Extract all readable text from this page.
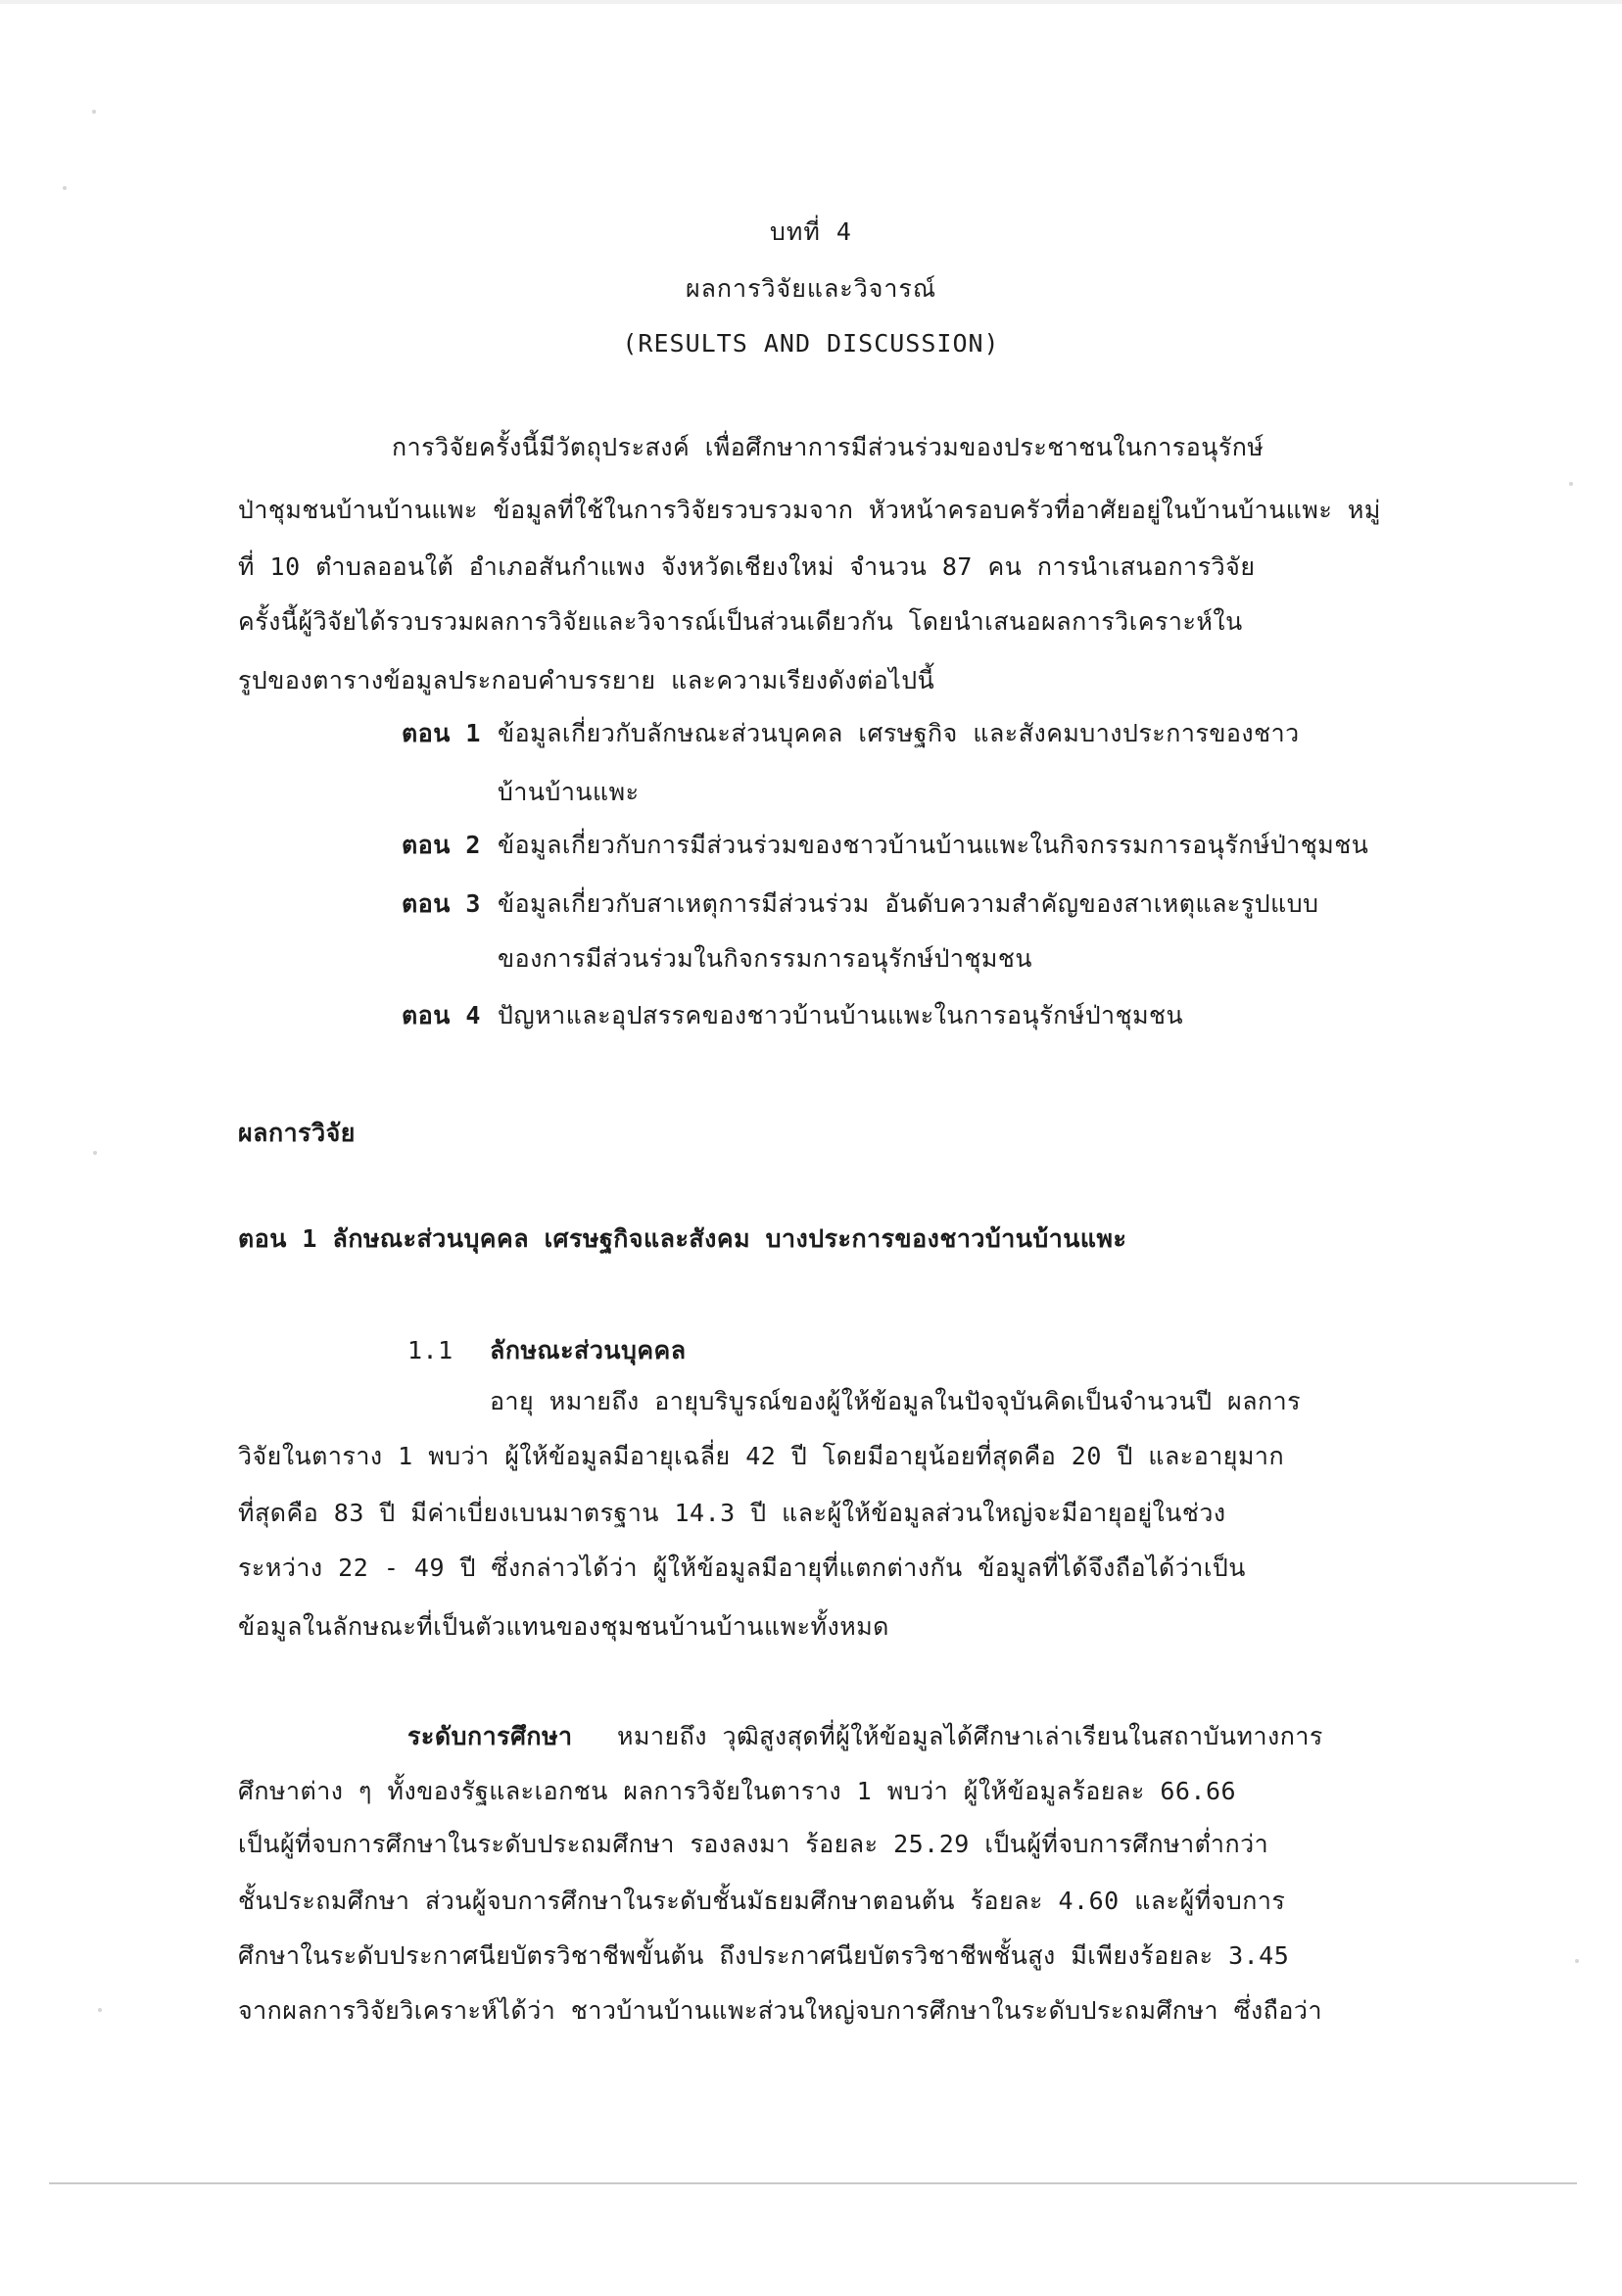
บทที่ 4
ผลการวิจัยและวิจารณ์
(RESULTS AND DISCUSSION)
การวิจัยครั้งนี้มีวัตถุประสงค์ เพื่อศึกษาการมีส่วนร่วมของประชาชนในการอนุรักษ์
ป่าชุมชนบ้านบ้านแพะ ข้อมูลที่ใช้ในการวิจัยรวบรวมจาก หัวหน้าครอบครัวที่อาศัยอยู่ในบ้านบ้านแพะ หมู่
ที่ 10 ตำบลออนใต้ อำเภอสันกำแพง จังหวัดเชียงใหม่ จำนวน 87 คน การนำเสนอการวิจัย
ครั้งนี้ผู้วิจัยได้รวบรวมผลการวิจัยและวิจารณ์เป็นส่วนเดียวกัน โดยนำเสนอผลการวิเคราะห์ใน
รูปของตารางข้อมูลประกอบคำบรรยาย และความเรียงดังต่อไปนี้
ตอน 1 ข้อมูลเกี่ยวกับลักษณะส่วนบุคคล เศรษฐกิจ และสังคมบางประการของชาว
บ้านบ้านแพะ
ตอน 2 ข้อมูลเกี่ยวกับการมีส่วนร่วมของชาวบ้านบ้านแพะในกิจกรรมการอนุรักษ์ป่าชุมชน
ตอน 3 ข้อมูลเกี่ยวกับสาเหตุการมีส่วนร่วม อันดับความสำคัญของสาเหตุและรูปแบบ
ของการมีส่วนร่วมในกิจกรรมการอนุรักษ์ป่าชุมชน
ตอน 4 ปัญหาและอุปสรรคของชาวบ้านบ้านแพะในการอนุรักษ์ป่าชุมชน
ผลการวิจัย
ตอน 1 ลักษณะส่วนบุคคล เศรษฐกิจและสังคม บางประการของชาวบ้านบ้านแพะ
1.1 ลักษณะส่วนบุคคล
อายุ หมายถึง อายุบริบูรณ์ของผู้ให้ข้อมูลในปัจจุบันคิดเป็นจำนวนปี ผลการ
วิจัยในตาราง 1 พบว่า ผู้ให้ข้อมูลมีอายุเฉลี่ย 42 ปี โดยมีอายุน้อยที่สุดคือ 20 ปี และอายุมาก
ที่สุดคือ 83 ปี มีค่าเบี่ยงเบนมาตรฐาน 14.3 ปี และผู้ให้ข้อมูลส่วนใหญ่จะมีอายุอยู่ในช่วง
ระหว่าง 22 - 49 ปี ซึ่งกล่าวได้ว่า ผู้ให้ข้อมูลมีอายุที่แตกต่างกัน ข้อมูลที่ได้จึงถือได้ว่าเป็น
ข้อมูลในลักษณะที่เป็นตัวแทนของชุมชนบ้านบ้านแพะทั้งหมด
ระดับการศึกษา หมายถึง วุฒิสูงสุดที่ผู้ให้ข้อมูลได้ศึกษาเล่าเรียนในสถาบันทางการ
ศึกษาต่าง ๆ ทั้งของรัฐและเอกชน ผลการวิจัยในตาราง 1 พบว่า ผู้ให้ข้อมูลร้อยละ 66.66
เป็นผู้ที่จบการศึกษาในระดับประถมศึกษา รองลงมา ร้อยละ 25.29 เป็นผู้ที่จบการศึกษาต่ำกว่า
ชั้นประถมศึกษา ส่วนผู้จบการศึกษาในระดับชั้นมัธยมศึกษาตอนต้น ร้อยละ 4.60 และผู้ที่จบการ
ศึกษาในระดับประกาศนียบัตรวิชาชีพขั้นต้น ถึงประกาศนียบัตรวิชาชีพชั้นสูง มีเพียงร้อยละ 3.45
จากผลการวิจัยวิเคราะห์ได้ว่า ชาวบ้านบ้านแพะส่วนใหญ่จบการศึกษาในระดับประถมศึกษา ซึ่งถือว่า
